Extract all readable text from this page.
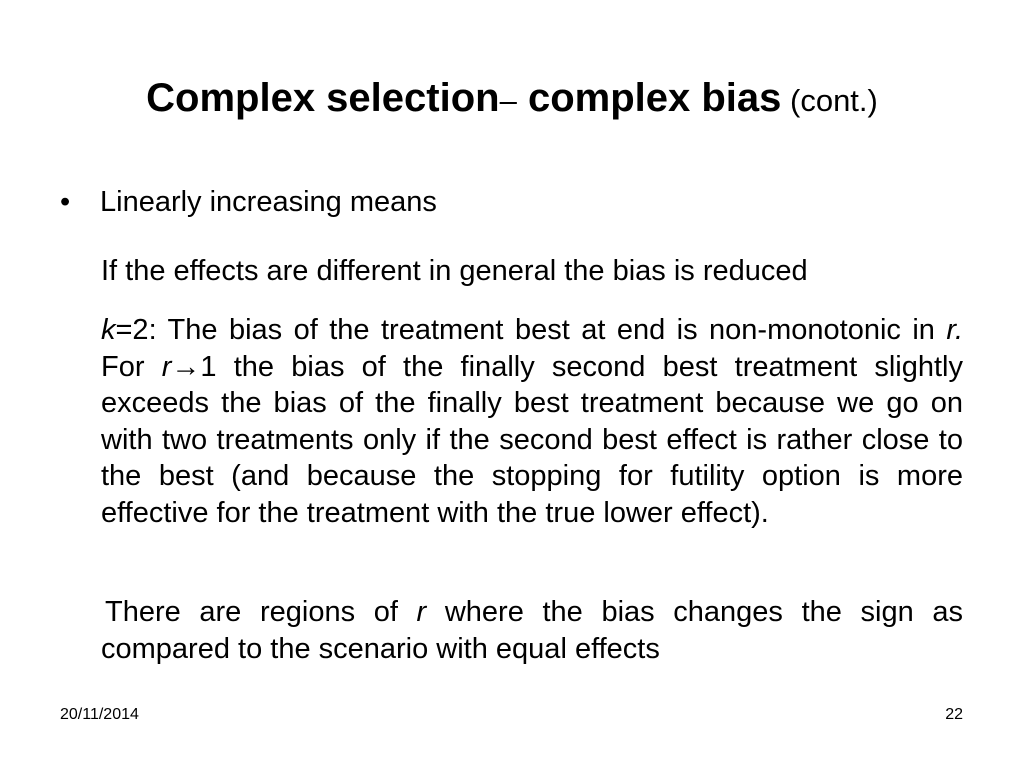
Complex selection– complex bias (cont.)
• Linearly increasing means
If the effects are different in general the bias is reduced
k=2: The bias of the treatment best at end is non-monotonic in r. For r→1 the bias of the finally second best treatment slightly exceeds the bias of the finally best treatment because we go on with two treatments only if the second best effect is rather close to the best (and because the stopping for futility option is more effective for the treatment with the true lower effect).
There are regions of r where the bias changes the sign as compared to the scenario with equal effects
20/11/2014	22
